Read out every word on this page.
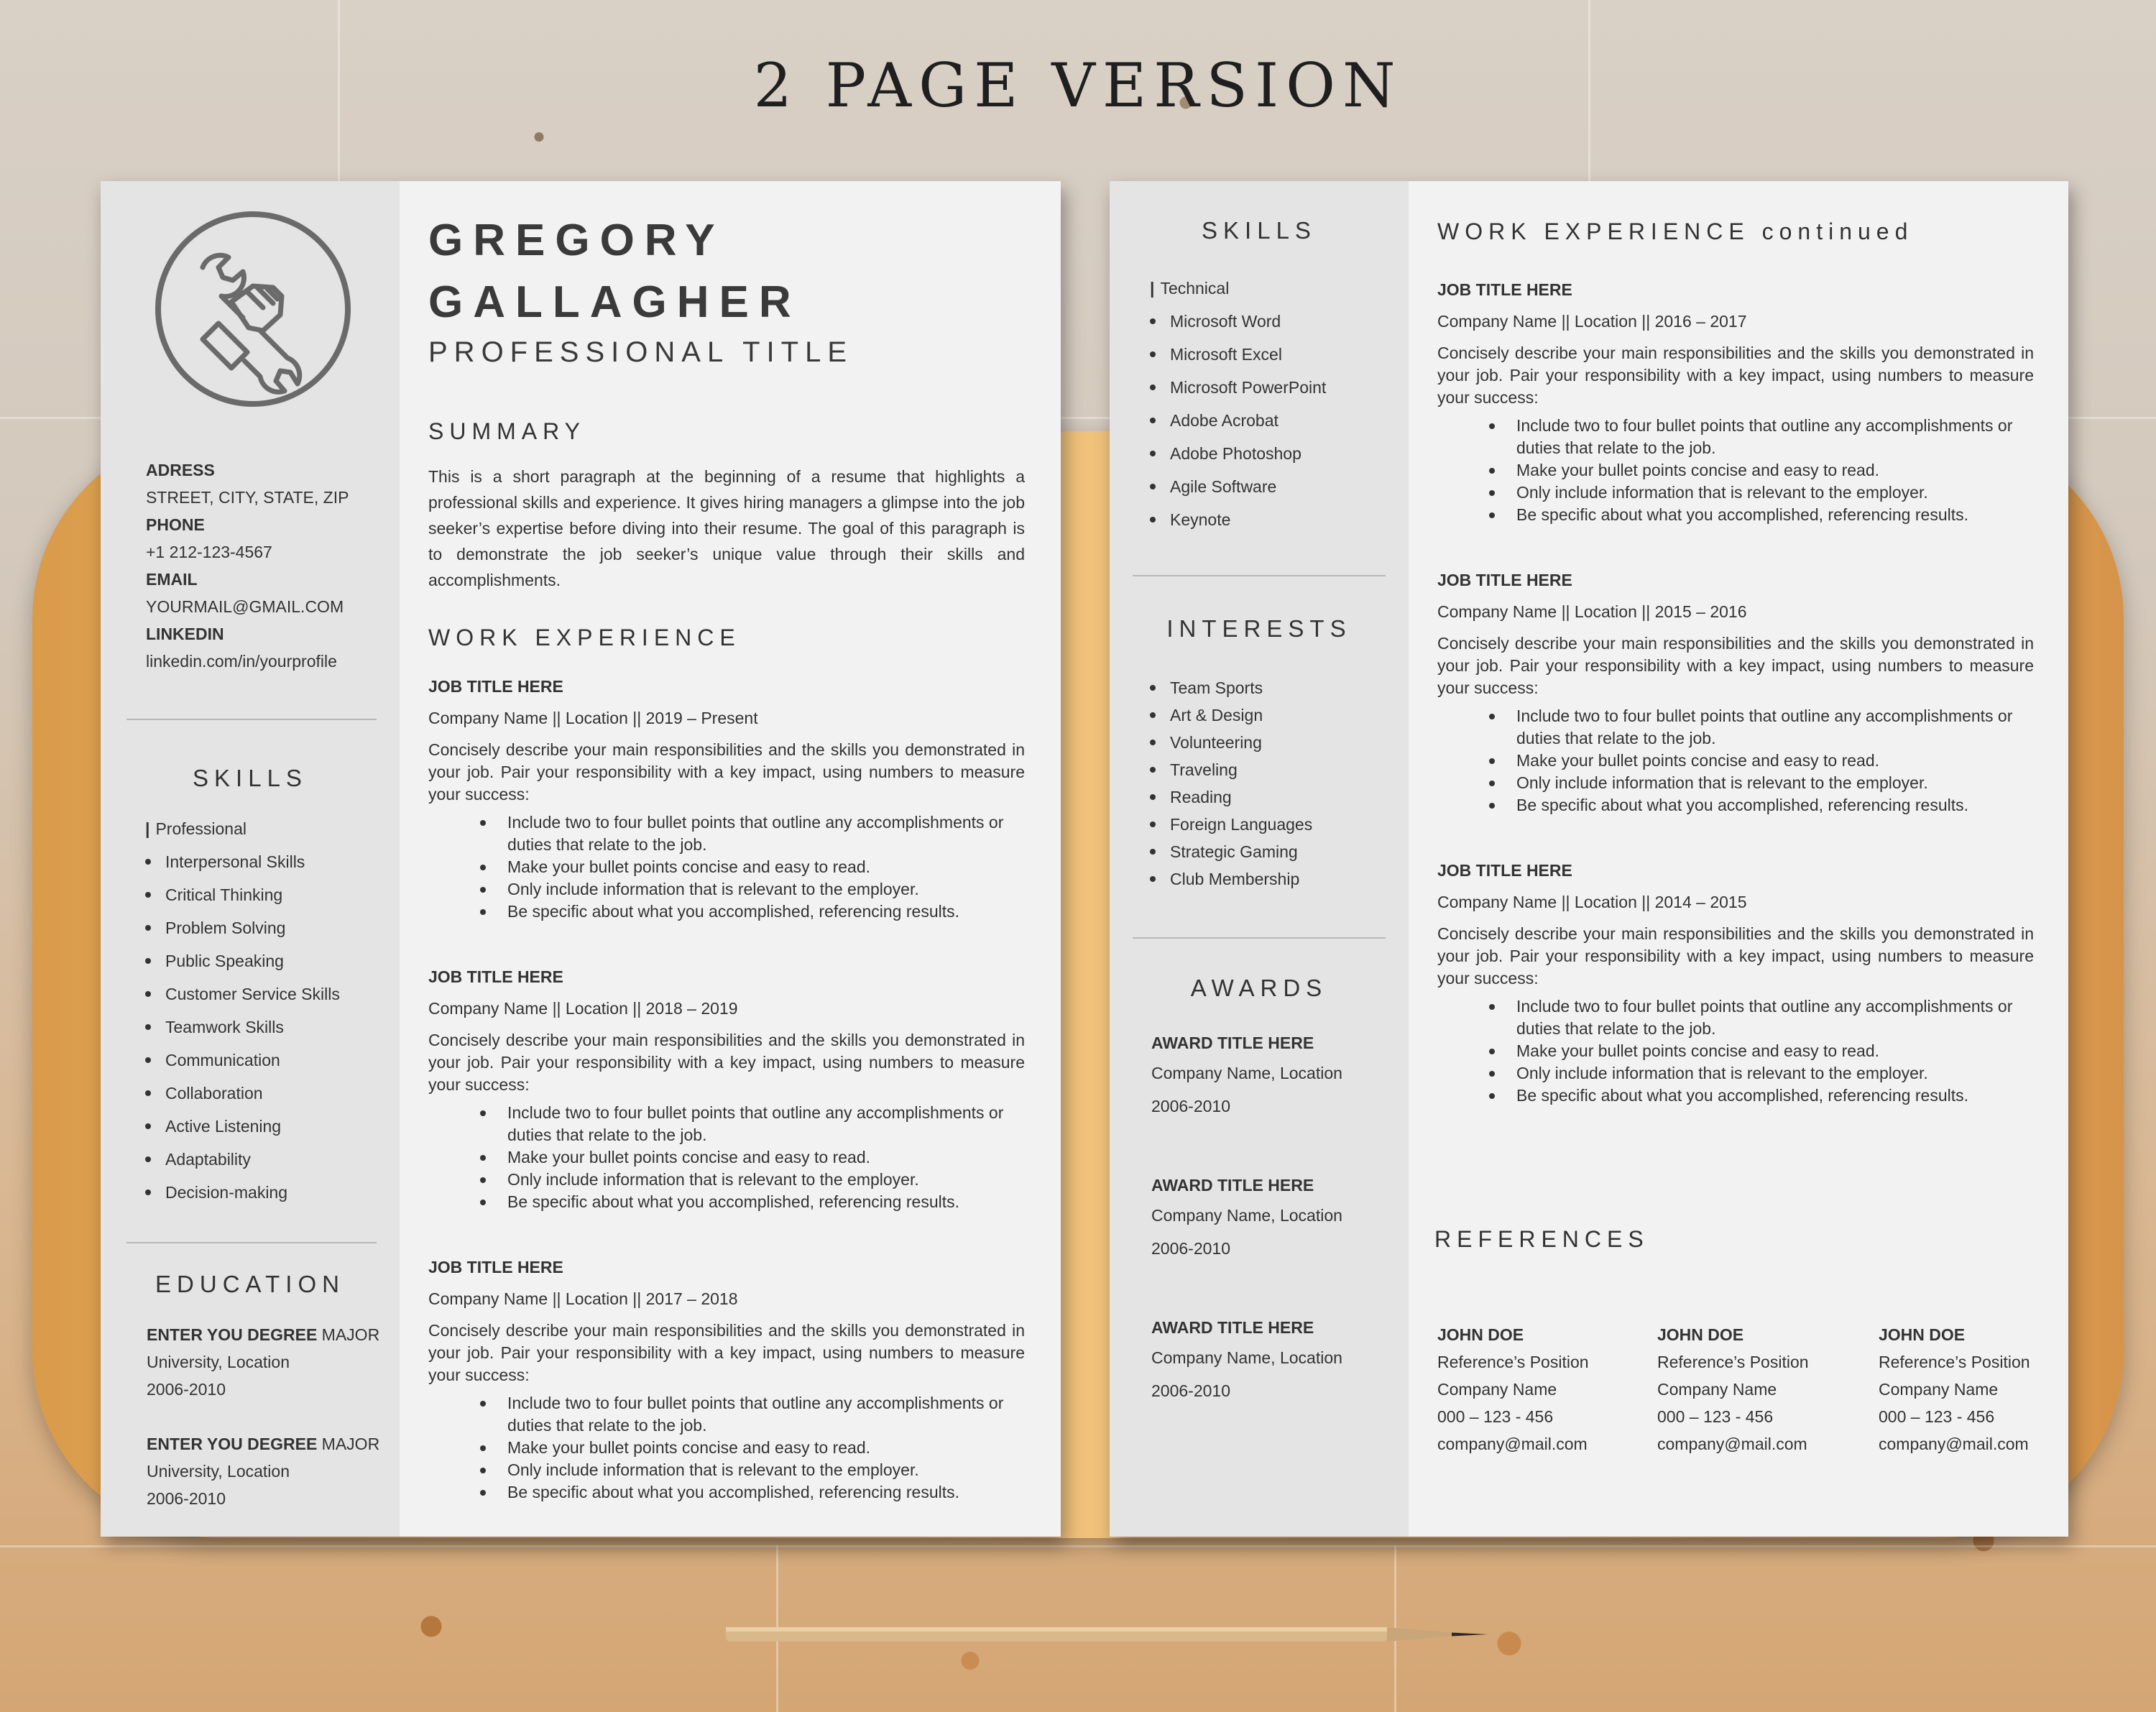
2 PAGE VERSION
ADRESS
STREET, CITY, STATE, ZIP
PHONE
+1 212-123-4567
EMAIL
YOURMAIL@GMAIL.COM
LINKEDIN
linkedin.com/in/yourprofile
SKILLS
| Professional
Interpersonal Skills
Critical Thinking
Problem Solving
Public Speaking
Customer Service Skills
Teamwork Skills
Communication
Collaboration
Active Listening
Adaptability
Decision-making
EDUCATION
ENTER YOU DEGREE MAJOR
University, Location
2006-2010
ENTER YOU DEGREE MAJOR
University, Location
2006-2010
GREGORY
GALLAGHER
PROFESSIONAL TITLE
SUMMARY
This is a short paragraph at the beginning of a resume that highlights a professional skills and experience. It gives hiring managers a glimpse into the job seeker’s expertise before diving into their resume. The goal of this paragraph is to demonstrate the job seeker’s unique value through their skills and accomplishments.
WORK EXPERIENCE
JOB TITLE HERE
Company Name || Location || 2019 – Present
Concisely describe your main responsibilities and the skills you demonstrated in your job. Pair your responsibility with a key impact, using numbers to measure your success:
Include two to four bullet points that outline any accomplishments or duties that relate to the job.
Make your bullet points concise and easy to read.
Only include information that is relevant to the employer.
Be specific about what you accomplished, referencing results.
JOB TITLE HERE
Company Name || Location || 2018 – 2019
Concisely describe your main responsibilities and the skills you demonstrated in your job. Pair your responsibility with a key impact, using numbers to measure your success:
Include two to four bullet points that outline any accomplishments or duties that relate to the job.
Make your bullet points concise and easy to read.
Only include information that is relevant to the employer.
Be specific about what you accomplished, referencing results.
JOB TITLE HERE
Company Name || Location || 2017 – 2018
Concisely describe your main responsibilities and the skills you demonstrated in your job. Pair your responsibility with a key impact, using numbers to measure your success:
Include two to four bullet points that outline any accomplishments or duties that relate to the job.
Make your bullet points concise and easy to read.
Only include information that is relevant to the employer.
Be specific about what you accomplished, referencing results.
SKILLS
| Technical
Microsoft Word
Microsoft Excel
Microsoft PowerPoint
Adobe Acrobat
Adobe Photoshop
Agile Software
Keynote
INTERESTS
Team Sports
Art & Design
Volunteering
Traveling
Reading
Foreign Languages
Strategic Gaming
Club Membership
AWARDS
AWARD TITLE HERE
Company Name, Location
2006-2010
AWARD TITLE HERE
Company Name, Location
2006-2010
AWARD TITLE HERE
Company Name, Location
2006-2010
WORK EXPERIENCE continued
JOB TITLE HERE
Company Name || Location || 2016 – 2017
Concisely describe your main responsibilities and the skills you demonstrated in your job. Pair your responsibility with a key impact, using numbers to measure your success:
Include two to four bullet points that outline any accomplishments or duties that relate to the job.
Make your bullet points concise and easy to read.
Only include information that is relevant to the employer.
Be specific about what you accomplished, referencing results.
JOB TITLE HERE
Company Name || Location || 2015 – 2016
Concisely describe your main responsibilities and the skills you demonstrated in your job. Pair your responsibility with a key impact, using numbers to measure your success:
Include two to four bullet points that outline any accomplishments or duties that relate to the job.
Make your bullet points concise and easy to read.
Only include information that is relevant to the employer.
Be specific about what you accomplished, referencing results.
JOB TITLE HERE
Company Name || Location || 2014 – 2015
Concisely describe your main responsibilities and the skills you demonstrated in your job. Pair your responsibility with a key impact, using numbers to measure your success:
Include two to four bullet points that outline any accomplishments or duties that relate to the job.
Make your bullet points concise and easy to read.
Only include information that is relevant to the employer.
Be specific about what you accomplished, referencing results.
REFERENCES
JOHN DOE
Reference’s Position
Company Name
000 – 123 - 456
company@mail.com
JOHN DOE
Reference’s Position
Company Name
000 – 123 - 456
company@mail.com
JOHN DOE
Reference’s Position
Company Name
000 – 123 - 456
company@mail.com
